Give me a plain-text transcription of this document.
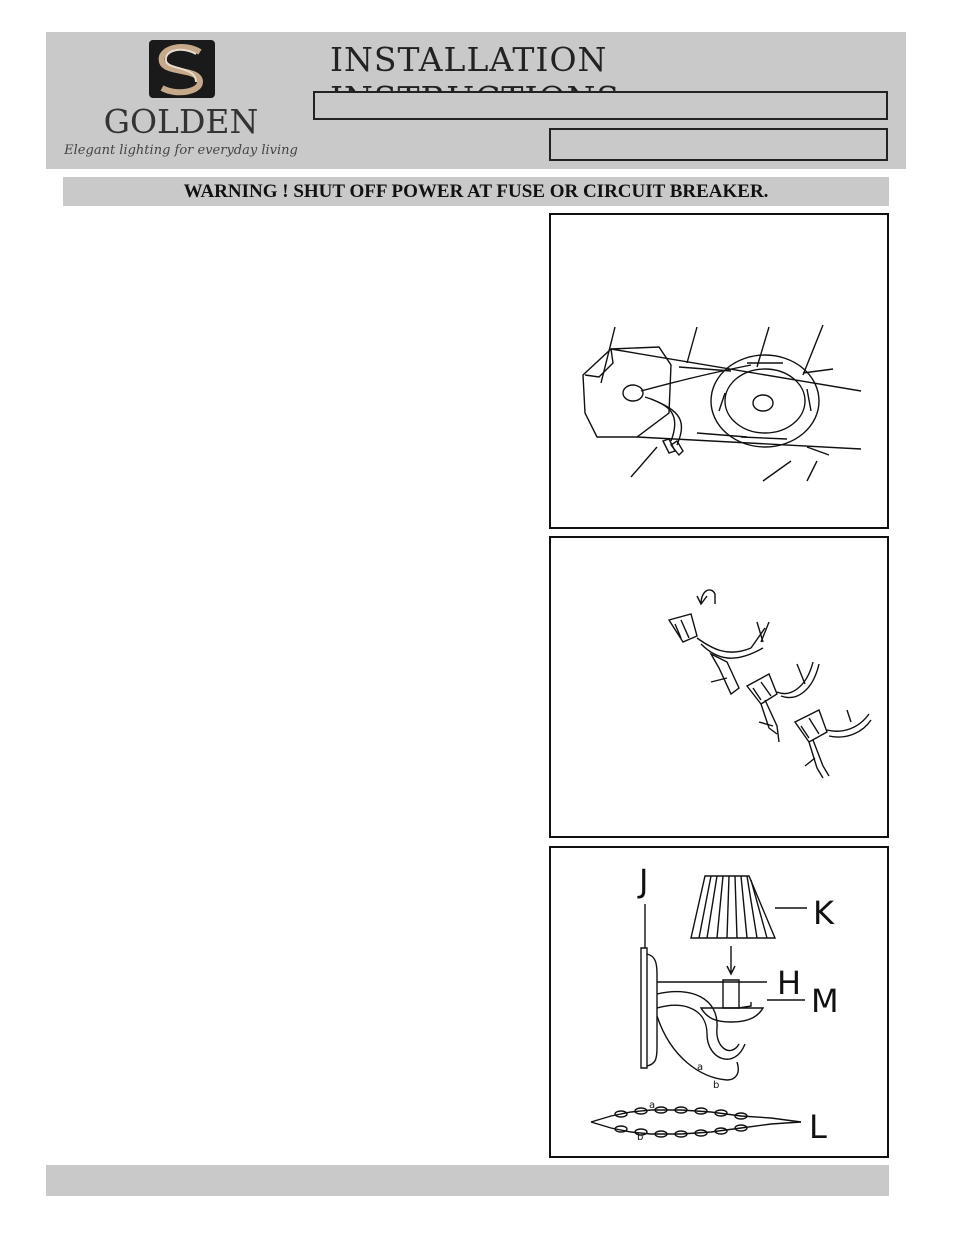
GOLDEN
Elegant lighting for everyday living
INSTALLATION
WARNING ! SHUT OFF POWER AT FUSE OR CIRCUIT BREAKER.
J
K
H M
L
b
a
a
b
